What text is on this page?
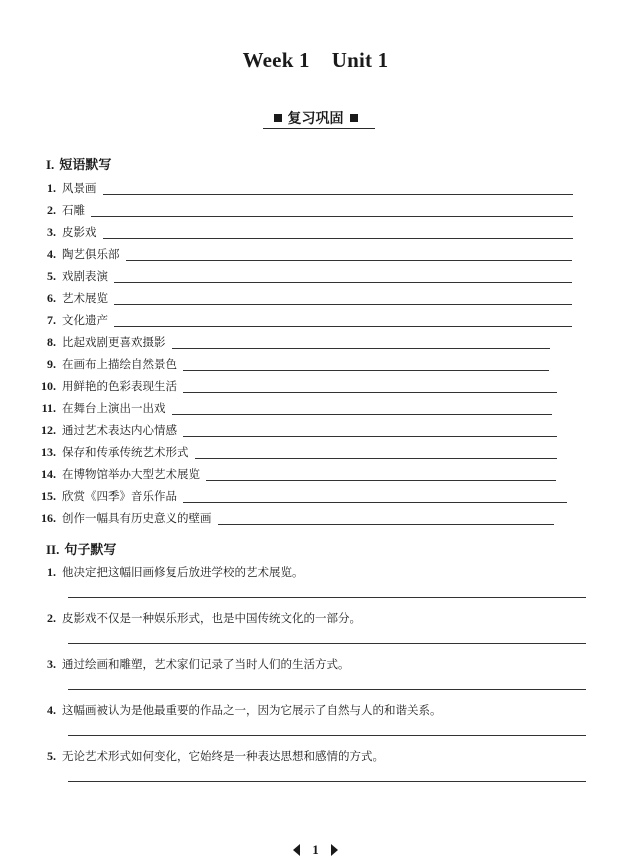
Week 1 Unit 1
复习巩固
I. 短语默写
1. 风景画
2. 石雕
3. 皮影戏
4. 陶艺俱乐部
5. 戏剧表演
6. 艺术展览
7. 文化遗产
8. 比起戏剧更喜欢摄影
9. 在画布上描绘自然景色
10. 用鲜艳的色彩表现生活
11. 在舞台上演出一出戏
12. 通过艺术表达内心情感
13. 保存和传承传统艺术形式
14. 在博物馆举办大型艺术展览
15. 欣赏《四季》音乐作品
16. 创作一幅具有历史意义的壁画
II. 句子默写
1. 他决定把这幅旧画修复后放进学校的艺术展览。
2. 皮影戏不仅是一种娱乐形式，也是中国传统文化的一部分。
3. 通过绘画和雕塑，艺术家们记录了当时人们的生活方式。
4. 这幅画被认为是他最重要的作品之一，因为它展示了自然与人的和谐关系。
5. 无论艺术形式如何变化，它始终是一种表达思想和感情的方式。
1
